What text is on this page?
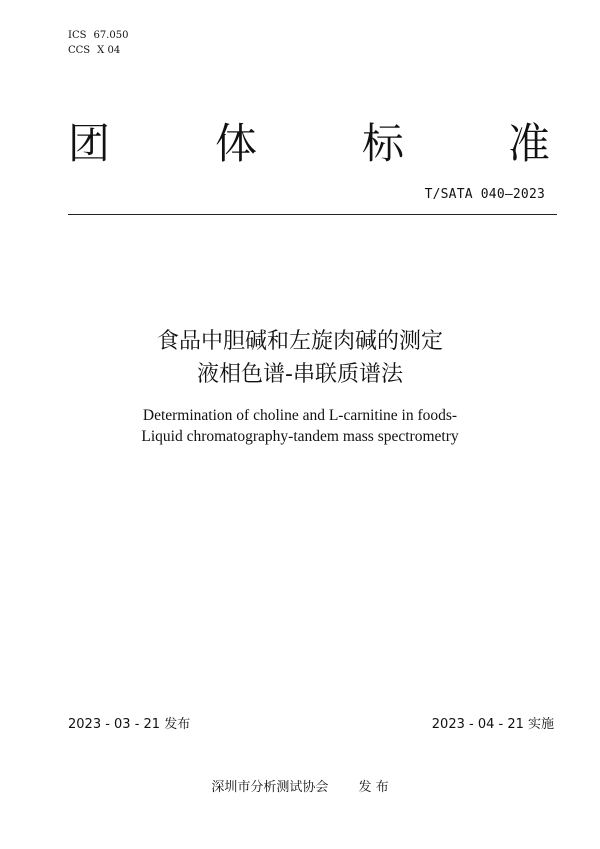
ICS 67.050
CCS X 04
团 体 标 准
T/SATA 040—2023
食品中胆碱和左旋肉碱的测定
液相色谱-串联质谱法
Determination of choline and L-carnitine in foods-
Liquid chromatography-tandem mass spectrometry
2023 - 03 - 21 发布	2023 - 04 - 21 实施
深圳市分析测试协会 发 布
